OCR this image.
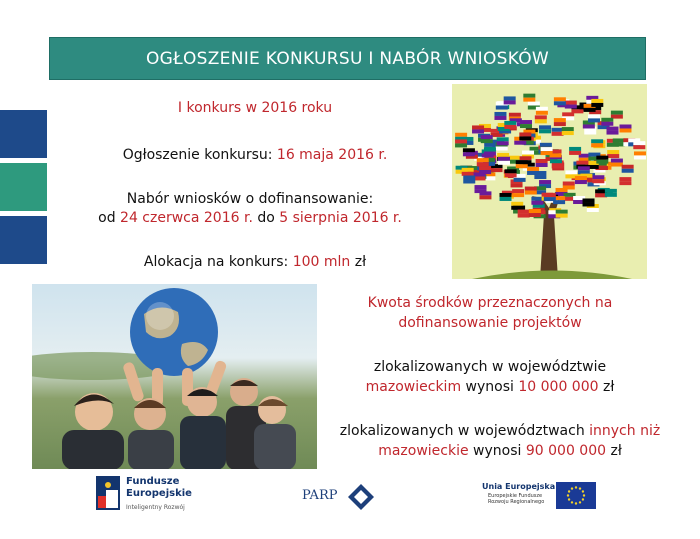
OGŁOSZENIE KONKURSU I NABÓR WNIOSKÓW
I konkurs w 2016 roku
Ogłoszenie konkursu: 16 maja 2016 r.
Nabór wniosków o dofinansowanie:
od 24 czerwca 2016 r. do 5 sierpnia 2016 r.
Alokacja na konkurs: 100 mln zł
Kwota środków przeznaczonych na
dofinansowanie projektów
zlokalizowanych w województwie
mazowieckim wynosi 10 000 000 zł
zlokalizowanych w województwach innych niż
mazowieckie wynosi 90 000 000 zł
Fundusze
Europejskie
Inteligentny Rozwój
PARP
Unia Europejska
Europejskie Fundusze
Rozwoju Regionalnego
